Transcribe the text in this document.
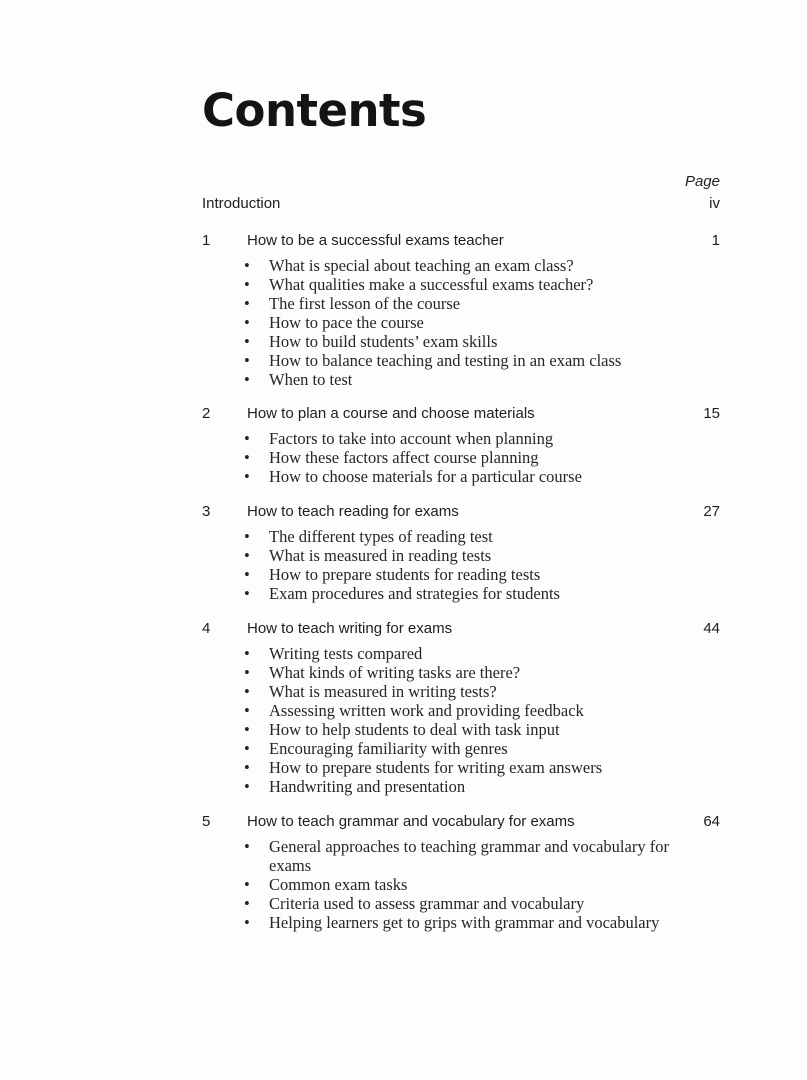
Contents
Page
Introduction	iv
1 How to be a successful exams teacher	1
• What is special about teaching an exam class?
• What qualities make a successful exams teacher?
• The first lesson of the course
• How to pace the course
• How to build students’ exam skills
• How to balance teaching and testing in an exam class
• When to test
2 How to plan a course and choose materials	15
• Factors to take into account when planning
• How these factors affect course planning
• How to choose materials for a particular course
3 How to teach reading for exams	27
• The different types of reading test
• What is measured in reading tests
• How to prepare students for reading tests
• Exam procedures and strategies for students
4 How to teach writing for exams	44
• Writing tests compared
• What kinds of writing tasks are there?
• What is measured in writing tests?
• Assessing written work and providing feedback
• How to help students to deal with task input
• Encouraging familiarity with genres
• How to prepare students for writing exam answers
• Handwriting and presentation
5 How to teach grammar and vocabulary for exams	64
• General approaches to teaching grammar and vocabulary for exams
• Common exam tasks
• Criteria used to assess grammar and vocabulary
• Helping learners get to grips with grammar and vocabulary
